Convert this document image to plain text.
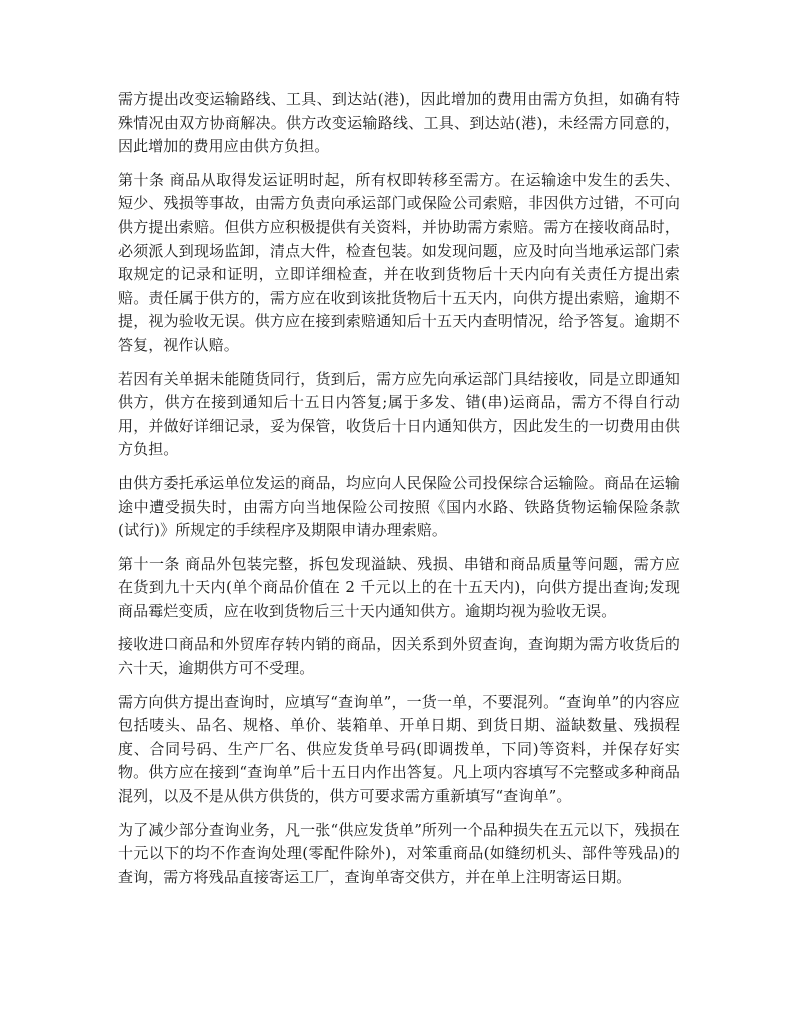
需方提出改变运输路线、工具、到达站(港)，因此增加的费用由需方负担，如确有特殊情况由双方协商解决。供方改变运输路线、工具、到达站(港)，未经需方同意的，因此增加的费用应由供方负担。

第十条 商品从取得发运证明时起，所有权即转移至需方。在运输途中发生的丢失、短少、残损等事故，由需方负责向承运部门或保险公司索赔，非因供方过错，不可向供方提出索赔。但供方应积极提供有关资料，并协助需方索赔。需方在接收商品时，必须派人到现场监卸，清点大件，检查包装。如发现问题，应及时向当地承运部门索取规定的记录和证明，立即详细检查，并在收到货物后十天内向有关责任方提出索赔。责任属于供方的，需方应在收到该批货物后十五天内，向供方提出索赔，逾期不提，视为验收无误。供方应在接到索赔通知后十五天内查明情况，给予答复。逾期不答复，视作认赔。

若因有关单据未能随货同行，货到后，需方应先向承运部门具结接收，同是立即通知供方，供方在接到通知后十五日内答复;属于多发、错(串)运商品，需方不得自行动用，并做好详细记录，妥为保管，收货后十日内通知供方，因此发生的一切费用由供方负担。

由供方委托承运单位发运的商品，均应向人民保险公司投保综合运输险。商品在运输途中遭受损失时，由需方向当地保险公司按照《国内水路、铁路货物运输保险条款(试行)》所规定的手续程序及期限申请办理索赔。

第十一条 商品外包装完整，拆包发现溢缺、残损、串错和商品质量等问题，需方应在货到九十天内(单个商品价值在 2 千元以上的在十五天内)，向供方提出查询;发现商品霉烂变质，应在收到货物后三十天内通知供方。逾期均视为验收无误。

接收进口商品和外贸库存转内销的商品，因关系到外贸查询，查询期为需方收货后的六十天，逾期供方可不受理。

需方向供方提出查询时，应填写“查询单”，一货一单，不要混列。“查询单”的内容应包括唛头、品名、规格、单价、装箱单、开单日期、到货日期、溢缺数量、残损程度、合同号码、生产厂名、供应发货单号码(即调拨单，下同)等资料，并保存好实物。供方应在接到“查询单”后十五日内作出答复。凡上项内容填写不完整或多种商品混列，以及不是从供方供货的，供方可要求需方重新填写“查询单”。

为了减少部分查询业务，凡一张“供应发货单”所列一个品种损失在五元以下，残损在十元以下的均不作查询处理(零配件除外)，对笨重商品(如缝纫机头、部件等残品)的查询，需方将残品直接寄运工厂，查询单寄交供方，并在单上注明寄运日期。
